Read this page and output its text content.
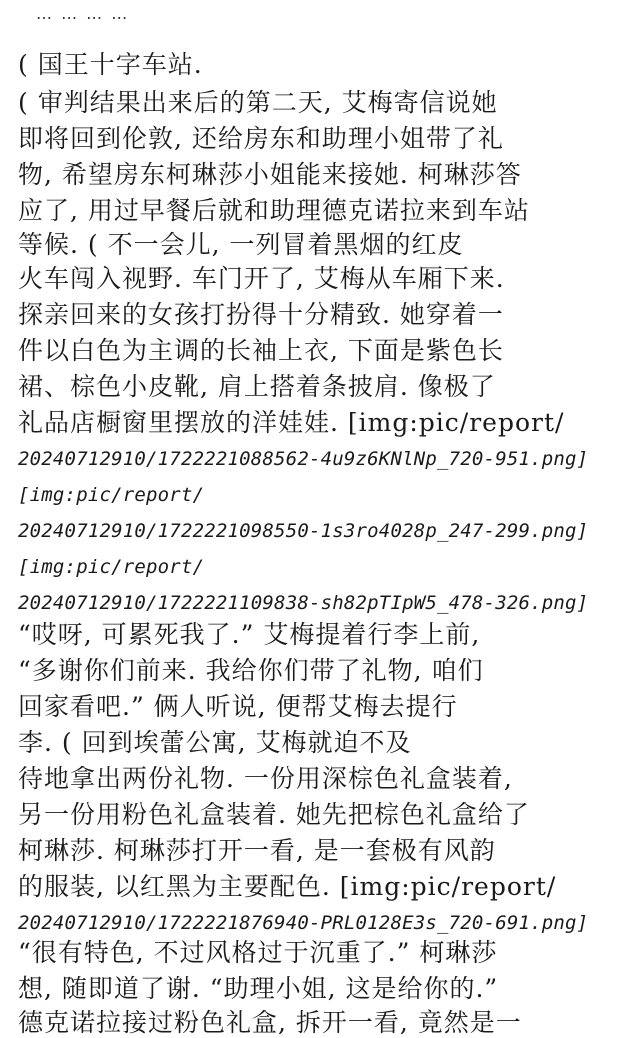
… … … …
( 国王十字车站.
( 审判结果出来后的第二天, 艾梅寄信说她
即将回到伦敦, 还给房东和助理小姐带了礼
物, 希望房东柯琳莎小姐能来接她. 柯琳莎答
应了, 用过早餐后就和助理德克诺拉来到车站
等候. ( 不一会儿, 一列冒着黑烟的红皮
火车闯入视野. 车门开了, 艾梅从车厢下来.
探亲回来的女孩打扮得十分精致. 她穿着一
件以白色为主调的长袖上衣, 下面是紫色长
裙、棕色小皮靴, 肩上搭着条披肩. 像极了
礼品店橱窗里摆放的洋娃娃. [img:pic/report/
20240712910/1722221088562-4u9z6KNlNp_720-951.png]
[img:pic/report/
20240712910/1722221098550-1s3ro4028p_247-299.png]
[img:pic/report/
20240712910/1722221109838-sh82pTIpW5_478-326.png]
“哎呀, 可累死我了.” 艾梅提着行李上前,
“多谢你们前来. 我给你们带了礼物, 咱们
回家看吧.” 俩人听说, 便帮艾梅去提行
李. ( 回到埃蕾公寓, 艾梅就迫不及
待地拿出两份礼物. 一份用深棕色礼盒装着,
另一份用粉色礼盒装着. 她先把棕色礼盒给了
柯琳莎. 柯琳莎打开一看, 是一套极有风韵
的服装, 以红黑为主要配色. [img:pic/report/
20240712910/1722221876940-PRL0128E3s_720-691.png]
“很有特色, 不过风格过于沉重了.” 柯琳莎
想, 随即道了谢. “助理小姐, 这是给你的.”
德克诺拉接过粉色礼盒, 拆开一看, 竟然是一
